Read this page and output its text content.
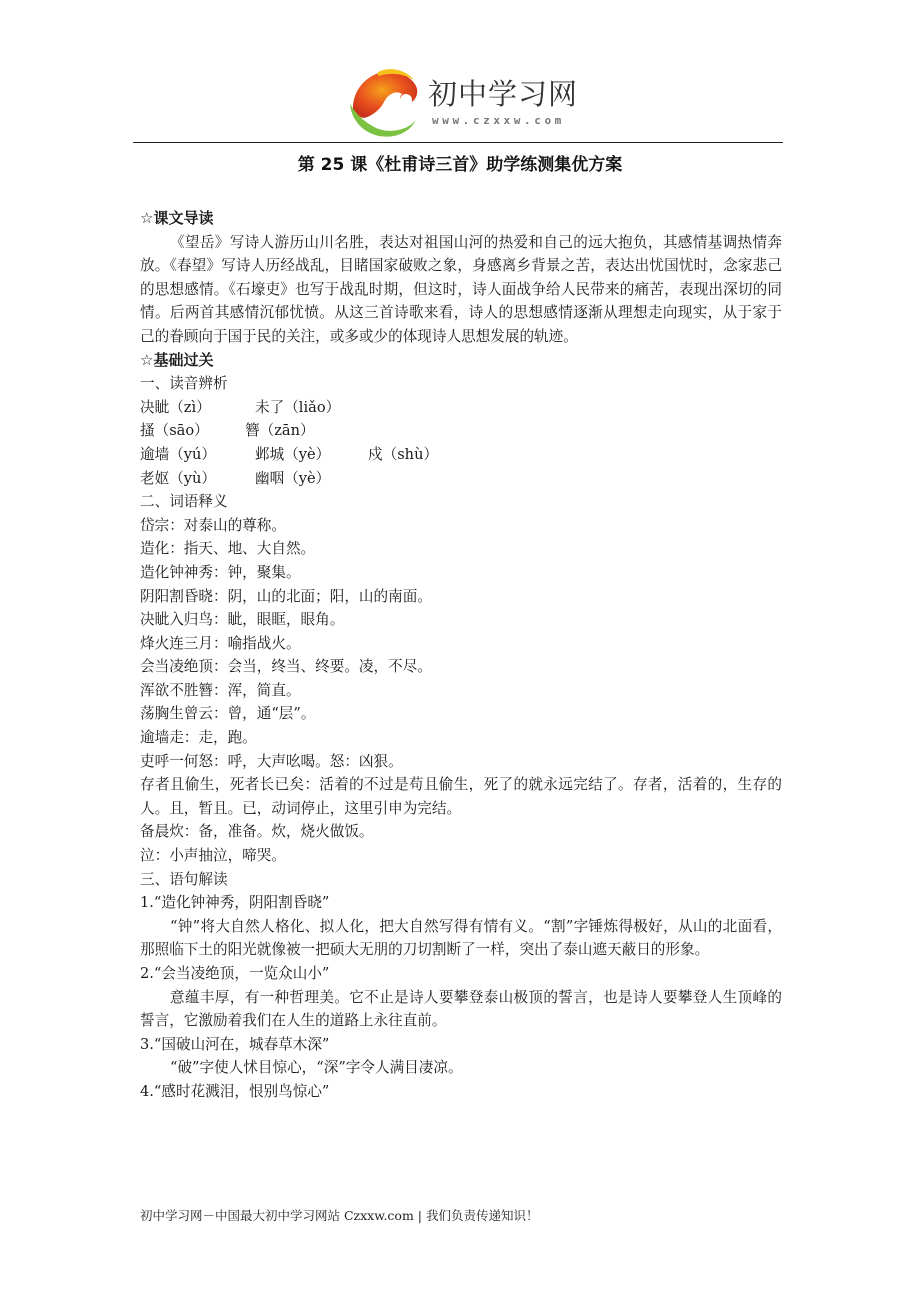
初中学习网
www.czxxw.com
第 25 课《杜甫诗三首》助学练测集优方案

☆课文导读

《望岳》写诗人游历山川名胜，表达对祖国山河的热爱和自己的远大抱负，其感情基调热情奔放。《春望》写诗人历经战乱，目睹国家破败之象，身感离乡背景之苦，表达出忧国忧时，念家悲己的思想感情。《石壕吏》也写于战乱时期，但这时，诗人面战争给人民带来的痛苦，表现出深切的同情。后两首其感情沉郁忧愤。从这三首诗歌来看，诗人的思想感情逐渐从理想走向现实，从于家于己的眷顾向于国于民的关注，或多或少的体现诗人思想发展的轨迹。

☆基础过关

一、读音辨析

决眦（zì）	未了（liǎo）
搔（sāo）	簪（zān）
逾墙（yú）	邺城（yè）	戍（shù）
老妪（yù）	幽咽（yè）

二、词语释义

岱宗：对泰山的尊称。

造化：指天、地、大自然。

造化钟神秀：钟，聚集。

阴阳割昏晓：阴，山的北面；阳，山的南面。

决眦入归鸟：眦，眼眶，眼角。

烽火连三月：喻指战火。

会当凌绝顶：会当，终当、终要。凌，不尽。

浑欲不胜簪：浑，简直。

荡胸生曾云：曾，通“层”。

逾墙走：走，跑。

吏呼一何怒：呼，大声吆喝。怒：凶狠。

存者且偷生，死者长已矣：活着的不过是苟且偷生，死了的就永远完结了。存者，活着的，生存的人。且，暂且。已，动词停止，这里引申为完结。

备晨炊：备，准备。炊，烧火做饭。

泣：小声抽泣，啼哭。

三、语句解读

1.“造化钟神秀，阴阳割昏晓”

“钟”将大自然人格化、拟人化，把大自然写得有情有义。“割”字锤炼得极好，从山的北面看，那照临下土的阳光就像被一把硕大无朋的刀切割断了一样，突出了泰山遮天蔽日的形象。

2.“会当凌绝顶，一览众山小”

意蕴丰厚，有一种哲理美。它不止是诗人要攀登泰山极顶的誓言，也是诗人要攀登人生顶峰的誓言，它激励着我们在人生的道路上永往直前。

3.“国破山河在，城春草木深”

“破”字使人怵目惊心，“深”字令人满目凄凉。

4.“感时花溅泪，恨别鸟惊心”

初中学习网－中国最大初中学习网站 Czxxw.com | 我们负责传递知识！
